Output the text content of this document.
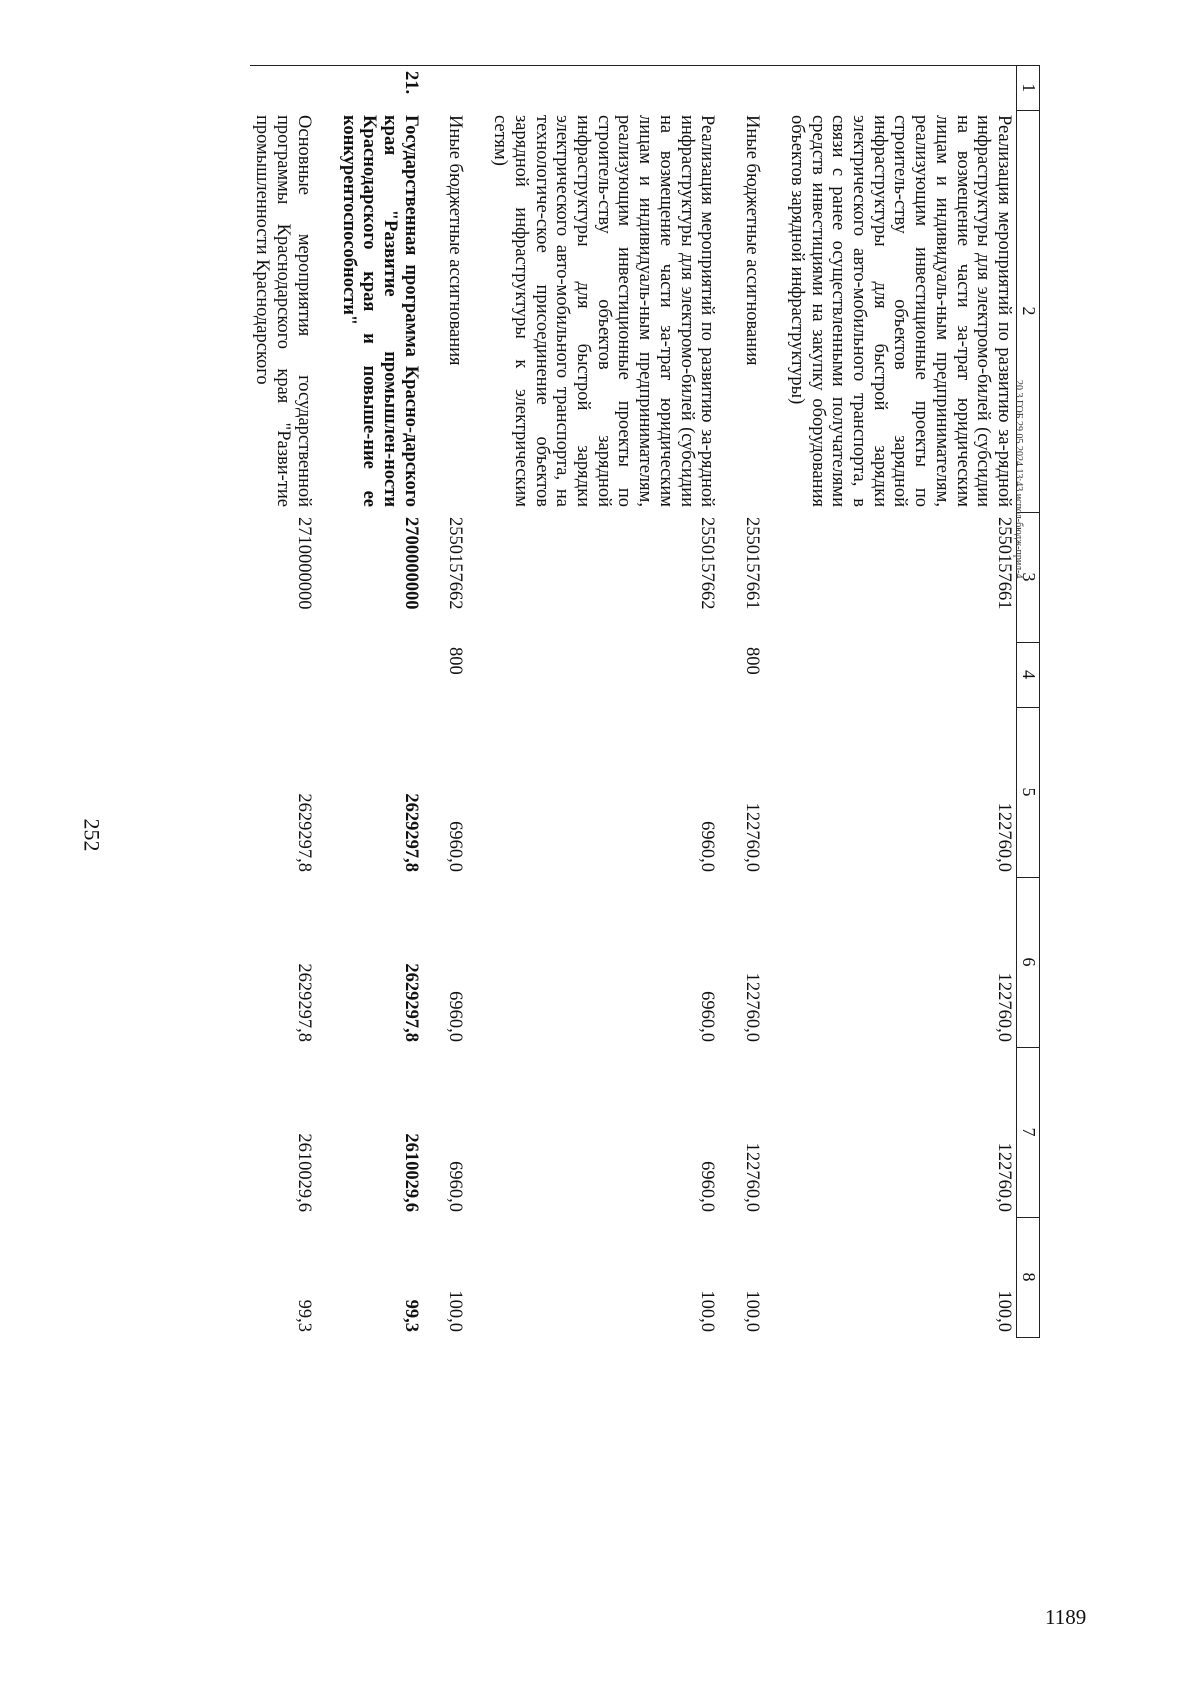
252
1	2	3	4	5	6	7	8
	Реализация мероприятий по развитию за-рядной инфраструктуры для электромо-билей (субсидии на возмещение части за-трат юридическим лицам и индивидуаль-ным предпринимателям, реализующим инвестиционные проекты по строитель-ству объектов зарядной инфраструктуры для быстрой зарядки электрического авто-мобильного транспорта, в связи с ранее осуществленными получателями средств инвестициями на закупку оборудования объектов зарядной инфраструктуры)	2550157661		122760,0	122760,0	122760,0	100,0
	Иные бюджетные ассигнования	2550157661	800	122760,0	122760,0	122760,0	100,0
	Реализация мероприятий по развитию за-рядной инфраструктуры для электромо-билей (субсидии на возмещение части за-трат юридическим лицам и индивидуаль-ным предпринимателям, реализующим инвестиционные проекты по строитель-ству объектов зарядной инфраструктуры для быстрой зарядки электрического авто-мобильного транспорта, на технологиче-ское присоединение объектов зарядной инфраструктуры к электрическим сетям)	2550157662		6960,0	6960,0	6960,0	100,0
	Иные бюджетные ассигнования	2550157662	800	6960,0	6960,0	6960,0	100,0
21.	Государственная программа Красно-дарского края "Развитие промышлен-ности Краснодарского края и повыше-ние ее конкурентоспособности"	2700000000		2629297,8	2629297,8	2610029,6	99,3
	Основные мероприятия государственной программы Краснодарского края "Разви-тие промышленности Краснодарского	2710000000		2629297,8	2629297,8	2610029,6	99,3
20.3 ГОБ 29.05.2024 13:43 испол-бюдж-прил-4
1189
